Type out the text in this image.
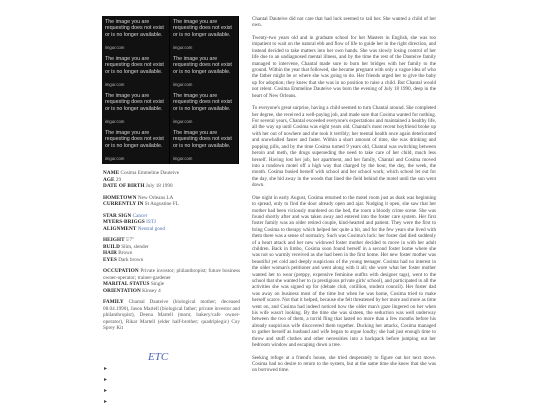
The image you are requesting does not exist or is no longer available.
imgur.com
The image you are requesting does not exist or is no longer available.
imgur.com
The image you are requesting does not exist or is no longer available.
imgur.com
The image you are requesting does not exist or is no longer available.
imgur.com
The image you are requesting does not exist or is no longer available.
imgur.com
The image you are requesting does not exist or is no longer available.
imgur.com
The image you are requesting does not exist or is no longer available.
imgur.com
The image you are requesting does not exist or is no longer available.
imgur.com
NAME Cosima Emmeline Dauteive
AGE 29
DATE OF BIRTH July 18 1990
HOMETOWN New Orleans LA
CURRENTLY IN St Augustine FL
STAR SIGN Cancer
MYERS-BRIGGS ISTJ
ALIGNMENT Neutral good
HEIGHT 5'7"
BUILD Slim, slender
HAIR Brown
EYES Dark brown
OCCUPATION Private investor; philanthropist; future business owner-operator; trainer-gardener
MARITAL STATUS Single
ORIENTATION Kinsey 4
FAMILY Chantal Dauteive (biological mother; deceased 08.04.1990), Jason Martell (biological father; private investor and philanthropist), Deena Martell (mom; bakery/cafe owner-operator), Rikar Martell (elder half-brother; quadriplegic) Coy Sprey Kit
ETC
▸
▸
▸
▸

Chantal Dauteive did not care that had luck seemed to tail her. She wanted a child of her own.

Twenty-two years old and in graduate school for her Masters in English, she was too impatient to wait on the natural ebb and flow of life to guide her in the right direction, and instead decided to take matters into her own hands. She was slowly losing control of her life due to an undiagnosed mental illness, and by the time the rest of the Dauteive family managed to intervene, Chantal made sure to burn her bridges with her family to the ground. Within the year that followed, she became pregnant with only a vague idea of who the father might be or where she was going to do. Her friends urged her to give the baby up for adoption; they knew that she was in no position to raise a child. But Chantal would not relent. Cosima Emmeline Dauteive was born the evening of July 18 1990, deep in the heart of New Orleans.

To everyone's great surprise, having a child seemed to turn Chantal around. She completed her degree, she received a well-paying job, and made sure that Cosima wanted for nothing. For several years, Chantal exceeded everyone's expectations and maintained a healthy life, all the way up until Cosima was eight years old. Chantal's most recent boyfriend broke up with her out of nowhere and she took it terribly; her mental health once again deteriorated and snowballed faster and faster. Within a short amount of time, she was drinking and popping pills, and by the time Cosima turned 9 years old, Chantal was switching between heroin and meth, the drugs superseding the need to take care of her child, much less herself. Having lost her job, her apartment, and her family, Chantal and Cosima moved into a rundown motel off a high way that charged by the hour, the day, the week, the month. Cosima busied herself with school and her school work; which school let out for the day, she hid away in the woods that lined the field behind the motel until the sun went down.

One night in early August, Cosima returned to the motel room just as dusk was beginning to spread, only to find the door already open and ajar. Nudging it open, she saw that her mother had been viciously murdered on the bed, the room a bloody crime scene. She was found shortly after and was taken away and entered into the foster care system. Her first foster family was an older retired couple, kind-hearted and patient. They were the first to bring Cosima to therapy which helped her quite a bit, and for the few years she lived with them there was a sense of normalcy. Such was Cosima's luck: her foster dad died suddenly of a heart attack and her new widowed foster mother decided to move in with her adult children. Back in limbo, Cosima soon found herself in a second foster home where she was not so warmly received as she had been in the first home. Her new foster mother was beautiful yet cold and deeply suspicious of the young teenager. Cosima had no interest in the older woman's petitioner and went along with it all; she wore what her foster mother wanted her to wear (preppy, expensive feminine outfits with designer tags), went to the school that she wanted her to (a prestigious private girls' school), and participated in all the activities she was signed up for (debate club, cotillion, student council). Her foster dad was away on business most of the time but when he was home, Cosima tried to make herself scarce. Not that it helped, because she felt threatened by her more and more as time went on, and Cosima had indeed noticed how the older man's gaze lingered on her when his wife wasn't looking. By the time she was sixteen, the seduction was well underway between the two of them, a torrid fling that lasted no more than a few months before his already suspicious wife discovered them together. Ducking her attacks, Cosima managed to gather herself as husband and wife began to argue loudly; she had just enough time to throw and stuff clothes and other necessities into a backpack before jumping out her bedroom window and escaping down a tree.

Seeking refuge at a friend's house, she tried desperately to figure out her next move. Cosima had no desire to return to the system, but at the same time she knew that she was on borrowed time.
